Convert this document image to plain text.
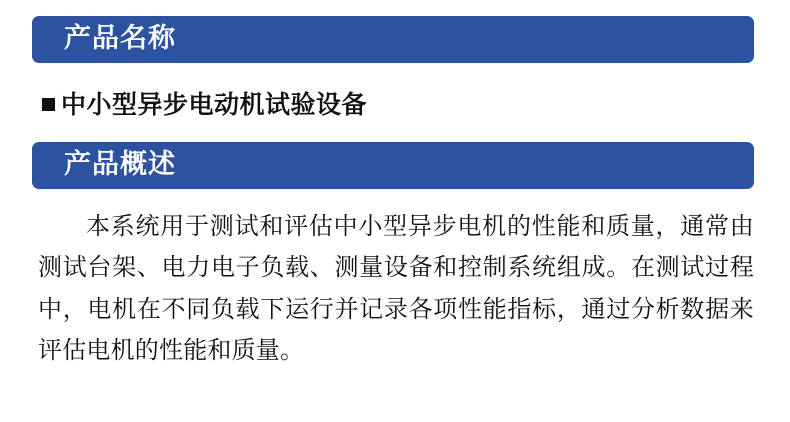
产品名称
中小型异步电动机试验设备
产品概述

本系统用于测试和评估中小型异步电机的性能和质量，通常由测试台架、电力电子负载、测量设备和控制系统组成。在测试过程中，电机在不同负载下运行并记录各项性能指标，通过分析数据来评估电机的性能和质量。
